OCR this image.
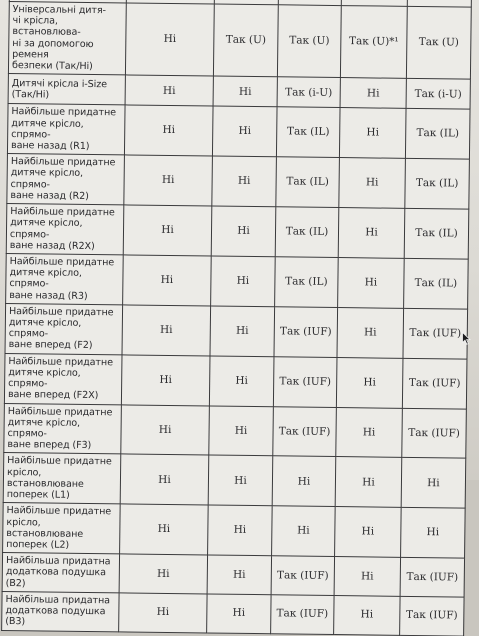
Універсальні дитя-
чі крісла, встановлюва-
ні за допомогою ременя
безпеки (Так/Ні)	Ні	Так (U)	Так (U)	Так (U)*¹	Так (U)
Дитячі крісла i-Size
(Так/Ні)	Ні	Ні	Так (i-U)	Ні	Так (i-U)
Найбільше придатне
дитяче крісло, спрямо-
ване назад (R1)	Ні	Ні	Так (IL)	Ні	Так (IL)
Найбільше придатне
дитяче крісло, спрямо-
ване назад (R2)	Ні	Ні	Так (IL)	Ні	Так (IL)
Найбільше придатне
дитяче крісло, спрямо-
ване назад (R2X)	Ні	Ні	Так (IL)	Ні	Так (IL)
Найбільше придатне
дитяче крісло, спрямо-
ване назад (R3)	Ні	Ні	Так (IL)	Ні	Так (IL)
Найбільше придатне
дитяче крісло, спрямо-
ване вперед (F2)	Ні	Ні	Так (IUF)	Ні	Так (IUF)
Найбільше придатне
дитяче крісло, спрямо-
ване вперед (F2X)	Ні	Ні	Так (IUF)	Ні	Так (IUF)
Найбільше придатне
дитяче крісло, спрямо-
ване вперед (F3)	Ні	Ні	Так (IUF)	Ні	Так (IUF)
Найбільше придатне
крісло, встановлюване
поперек (L1)	Ні	Ні	Ні	Ні	Ні
Найбільше придатне
крісло, встановлюване
поперек (L2)	Ні	Ні	Ні	Ні	Ні
Найбільша придатна
додаткова подушка (B2)	Ні	Ні	Так (IUF)	Ні	Так (IUF)
Найбільша придатна
додаткова подушка (B3)	Ні	Ні	Так (IUF)	Ні	Так (IUF)
